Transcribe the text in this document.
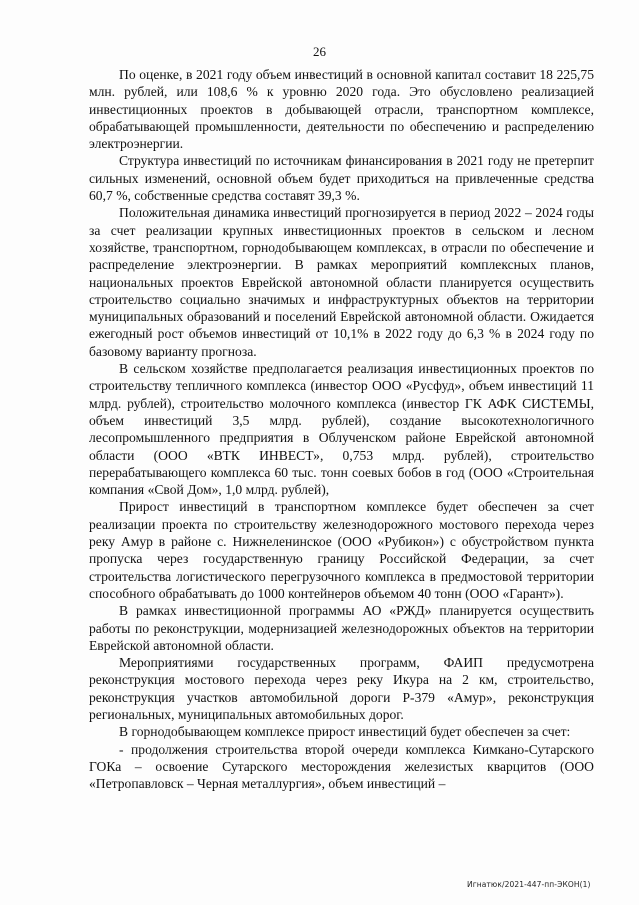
26

По оценке, в 2021 году объем инвестиций в основной капитал составит 18 225,75 млн. рублей, или 108,6 % к уровню 2020 года. Это обусловлено реализацией инвестиционных проектов в добывающей отрасли, транспортном комплексе, обрабатывающей промышленности, деятельности по обеспечению и распределению электроэнергии.

Структура инвестиций по источникам финансирования в 2021 году не претерпит сильных изменений, основной объем будет приходиться на привлеченные средства 60,7 %, собственные средства составят 39,3 %.

Положительная динамика инвестиций прогнозируется в период 2022 – 2024 годы за счет реализации крупных инвестиционных проектов в сельском и лесном хозяйстве, транспортном, горнодобывающем комплексах, в отрасли по обеспечение и распределение электроэнергии. В рамках мероприятий комплексных планов, национальных проектов Еврейской автономной области планируется осуществить строительство социально значимых и инфраструктурных объектов на территории муниципальных образований и поселений Еврейской автономной области. Ожидается ежегодный рост объемов инвестиций от 10,1% в 2022 году до 6,3 % в 2024 году по базовому варианту прогноза.

В сельском хозяйстве предполагается реализация инвестиционных проектов по строительству тепличного комплекса (инвестор ООО «Русфуд», объем инвестиций 11 млрд. рублей), строительство молочного комплекса (инвестор ГК АФК СИСТЕМЫ, объем инвестиций 3,5 млрд. рублей), создание высокотехнологичного лесопромышленного предприятия в Облученском районе Еврейской автономной области (ООО «ВТК ИНВЕСТ», 0,753 млрд. рублей), строительство перерабатывающего комплекса 60 тыс. тонн соевых бобов в год (ООО «Строительная компания «Свой Дом», 1,0 млрд. рублей),

Прирост инвестиций в транспортном комплексе будет обеспечен за счет реализации проекта по строительству железнодорожного мостового перехода через реку Амур в районе с. Нижнеленинское (ООО «Рубикон») с обустройством пункта пропуска через государственную границу Российской Федерации, за счет строительства логистического перегрузочного комплекса в предмостовой территории способного обрабатывать до 1000 контейнеров объемом 40 тонн (ООО «Гарант»).

В рамках инвестиционной программы АО «РЖД» планируется осуществить работы по реконструкции, модернизацией железнодорожных объектов на территории Еврейской автономной области.

Мероприятиями государственных программ, ФАИП предусмотрена реконструкция мостового перехода через реку Икура на 2 км, строительство, реконструкция участков автомобильной дороги Р-379 «Амур», реконструкция региональных, муниципальных автомобильных дорог.

В горнодобывающем комплексе прирост инвестиций будет обеспечен за счет:

- продолжения строительства второй очереди комплекса Кимкано-Сутарского ГОКа – освоение Сутарского месторождения железистых кварцитов (ООО «Петропавловск – Черная металлургия», объем инвестиций –

Игнатюк/2021-447-пп-ЭКОН(1)
